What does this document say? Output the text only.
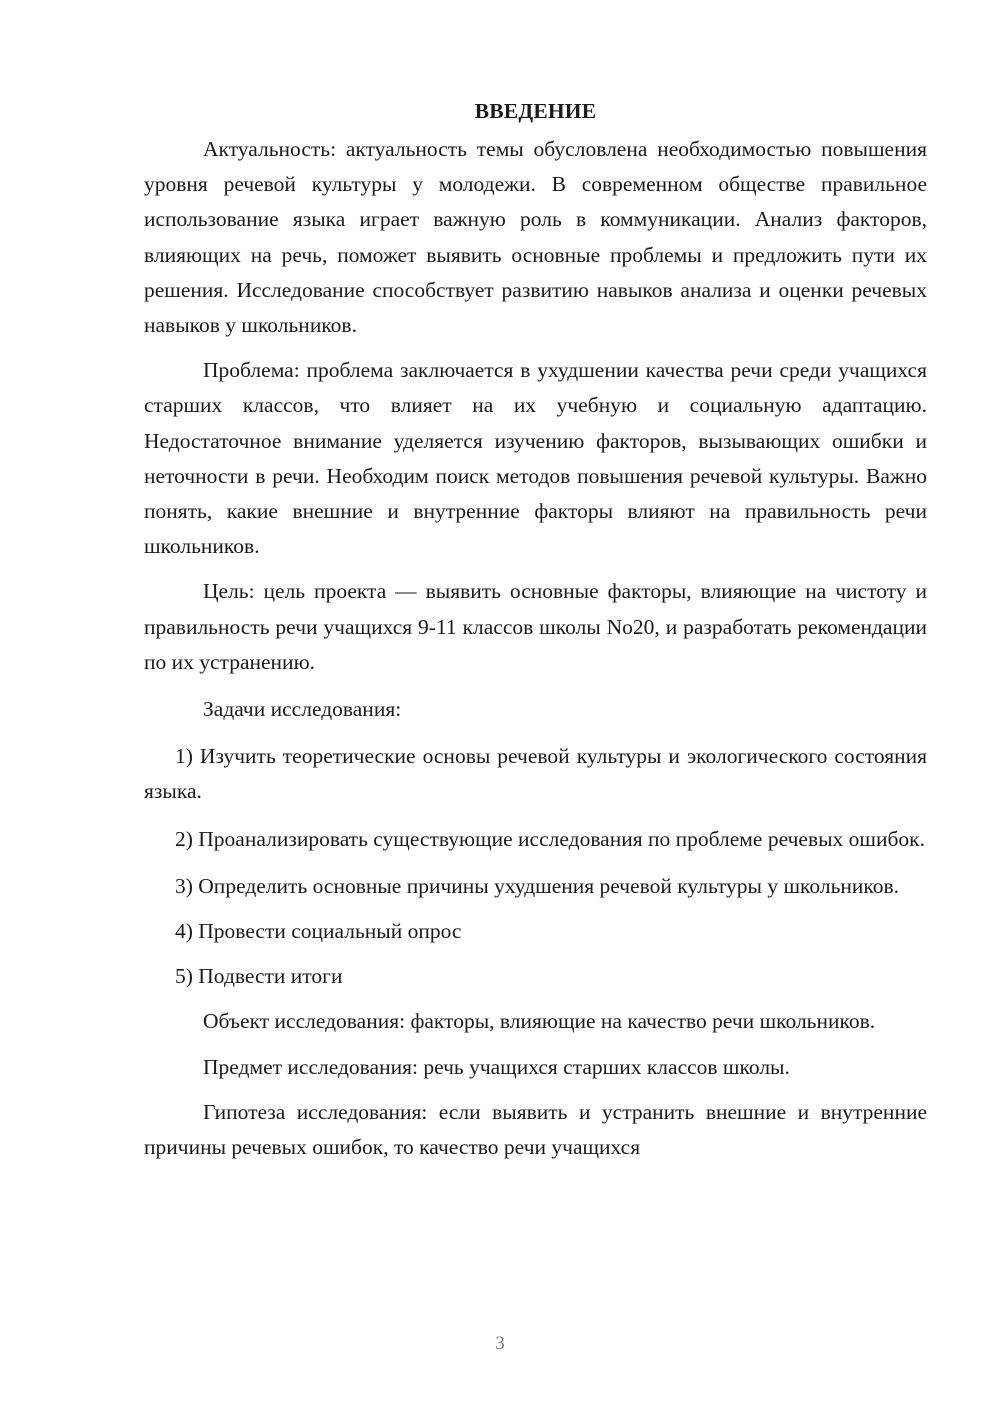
ВВЕДЕНИЕ

Актуальность: актуальность темы обусловлена необходимостью повышения уровня речевой культуры у молодежи. В современном обществе правильное использование языка играет важную роль в коммуникации. Анализ факторов, влияющих на речь, поможет выявить основные проблемы и предложить пути их решения. Исследование способствует развитию навыков анализа и оценки речевых навыков у школьников.

Проблема: проблема заключается в ухудшении качества речи среди учащихся старших классов, что влияет на их учебную и социальную адаптацию. Недостаточное внимание уделяется изучению факторов, вызывающих ошибки и неточности в речи. Необходим поиск методов повышения речевой культуры. Важно понять, какие внешние и внутренние факторы влияют на правильность речи школьников.

Цель: цель проекта — выявить основные факторы, влияющие на чистоту и правильность речи учащихся 9-11 классов школы No20, и разработать рекомендации по их устранению.

Задачи исследования:

1) Изучить теоретические основы речевой культуры и экологического состояния языка.

2) Проанализировать существующие исследования по проблеме речевых ошибок.

3) Определить основные причины ухудшения речевой культуры у школьников.

4) Провести социальный опрос

5) Подвести итоги

Объект исследования: факторы, влияющие на качество речи школьников.

Предмет исследования: речь учащихся старших классов школы.

Гипотеза исследования: если выявить и устранить внешние и внутренние причины речевых ошибок, то качество речи учащихся

3
